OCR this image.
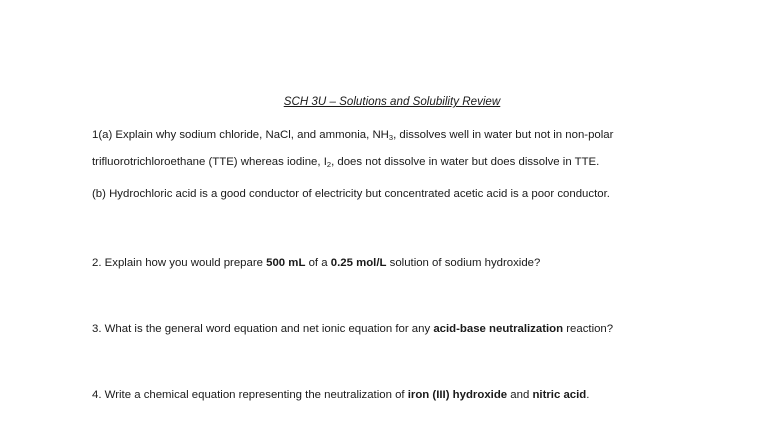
SCH 3U – Solutions and Solubility Review
1(a) Explain why sodium chloride, NaCl, and ammonia, $NH_3$, dissolves well in water but not in non-polar
trifluorotrichloroethane (TTE) whereas iodine, $I_2$, does not dissolve in water but does dissolve in TTE.
(b) Hydrochloric acid is a good conductor of electricity but concentrated acetic acid is a poor conductor.
2. Explain how you would prepare 500 mL of a 0.25 mol/L solution of sodium hydroxide?
3. What is the general word equation and net ionic equation for any acid-base neutralization reaction?
4. Write a chemical equation representing the neutralization of iron (III) hydroxide and nitric acid.
